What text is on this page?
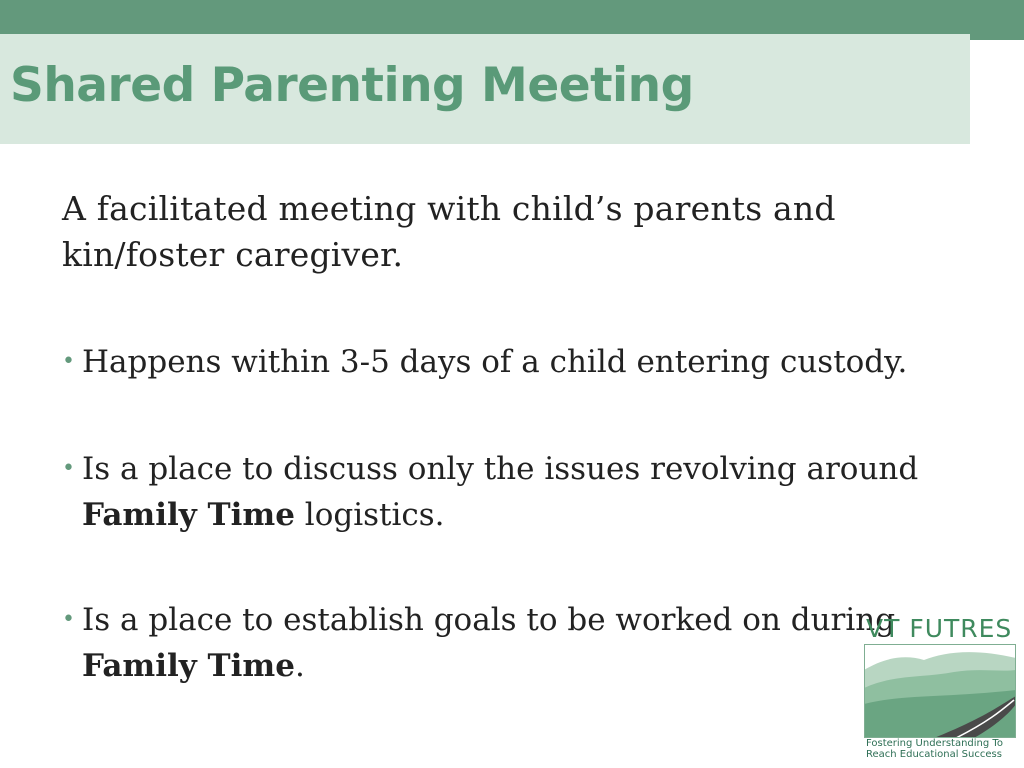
Shared Parenting Meeting

A facilitated meeting with child’s parents and kin/foster caregiver.

• Happens within 3-5 days of a child entering custody.
• Is a place to discuss only the issues revolving around Family Time logistics.
• Is a place to establish goals to be worked on during Family Time.
VT FUTRES
Fostering Understanding To
Reach Educational Success
